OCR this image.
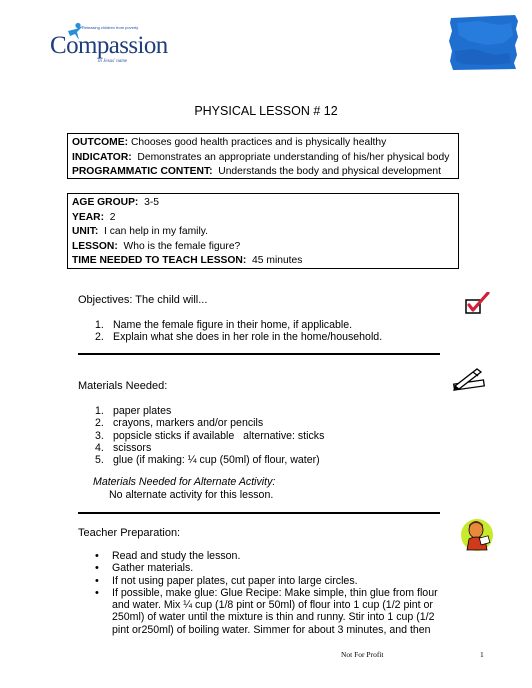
Releasing children from poverty
Compassion
in Jesus' name
PHYSICAL LESSON # 12
OUTCOME: Chooses good health practices and is physically healthy
INDICATOR: Demonstrates an appropriate understanding of his/her physical body
PROGRAMMATIC CONTENT: Understands the body and physical development
AGE GROUP: 3-5
YEAR: 2
UNIT: I can help in my family.
LESSON: Who is the female figure?
TIME NEEDED TO TEACH LESSON: 45 minutes
Objectives: The child will...
1. Name the female figure in their home, if applicable.
2. Explain what she does in her role in the home/household.
Materials Needed:
1. paper plates
2. crayons, markers and/or pencils
3. popsicle sticks if available   alternative: sticks
4. scissors
5. glue (if making: ¼ cup (50ml) of flour, water)
Materials Needed for Alternate Activity:
No alternate activity for this lesson.
Teacher Preparation:
•	Read and study the lesson.
•	Gather materials.
•	If not using paper plates, cut paper into large circles.
•	If possible, make glue: Glue Recipe: Make simple, thin glue from flour and water. Mix ¼ cup (1/8 pint or 50ml) of flour into 1 cup (1/2 pint or 250ml) of water until the mixture is thin and runny. Stir into 1 cup (1/2 pint or250ml) of boiling water. Simmer for about 3 minutes, and then
Not For Profit	1
